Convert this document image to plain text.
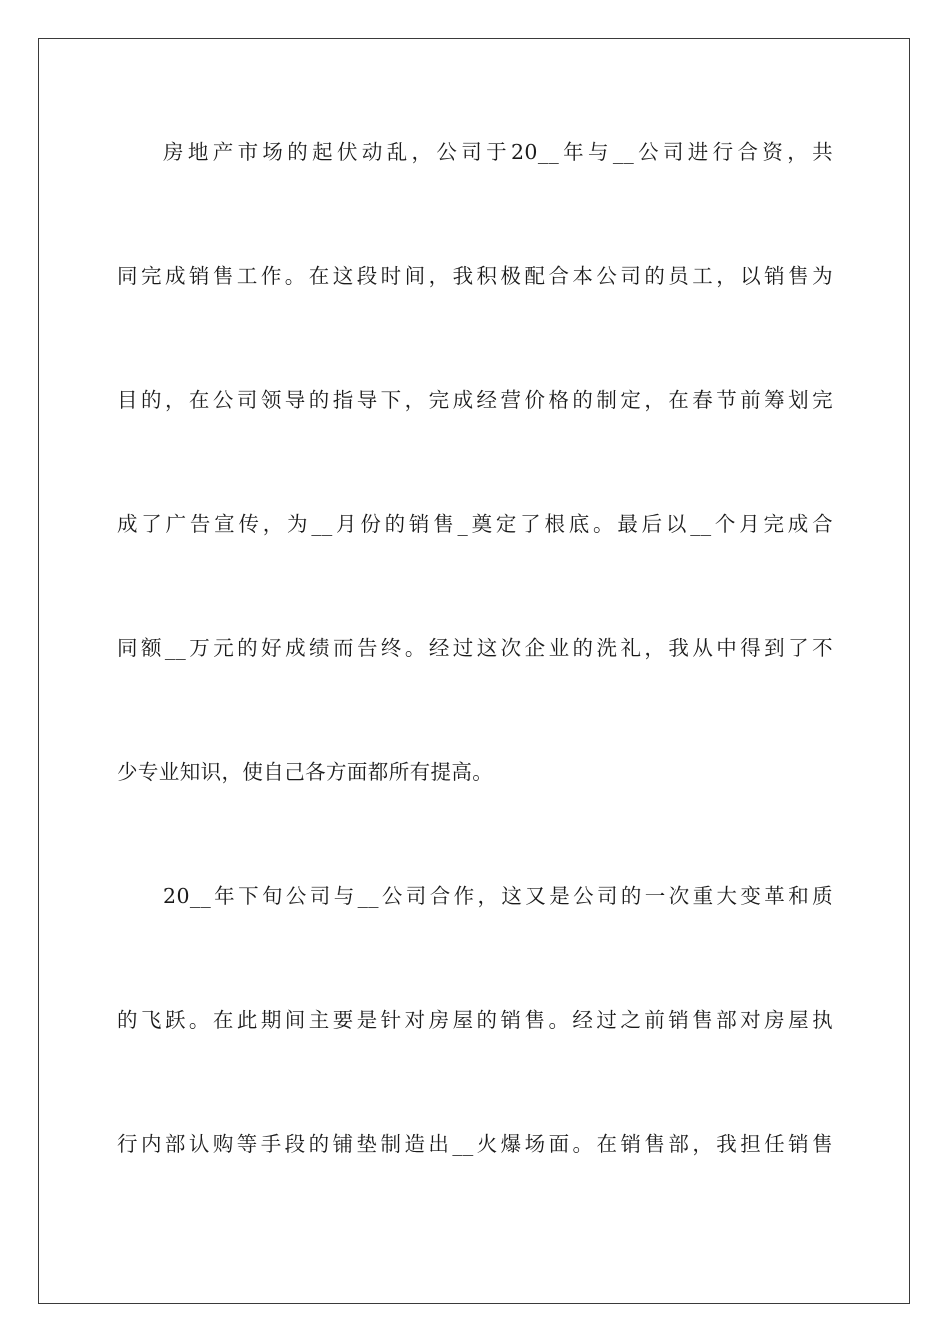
房地产市场的起伏动乱，公司于20__年与__公司进行合资，共
同完成销售工作。在这段时间，我积极配合本公司的员工，以销售为
目的，在公司领导的指导下，完成经营价格的制定，在春节前筹划完
成了广告宣传，为__月份的销售_奠定了根底。最后以__个月完成合
同额__万元的好成绩而告终。经过这次企业的洗礼，我从中得到了不
少专业知识，使自己各方面都所有提高。
20__年下旬公司与__公司合作，这又是公司的一次重大变革和质
的飞跃。在此期间主要是针对房屋的销售。经过之前销售部对房屋执
行内部认购等手段的铺垫制造出__火爆场面。在销售部，我担任销售
